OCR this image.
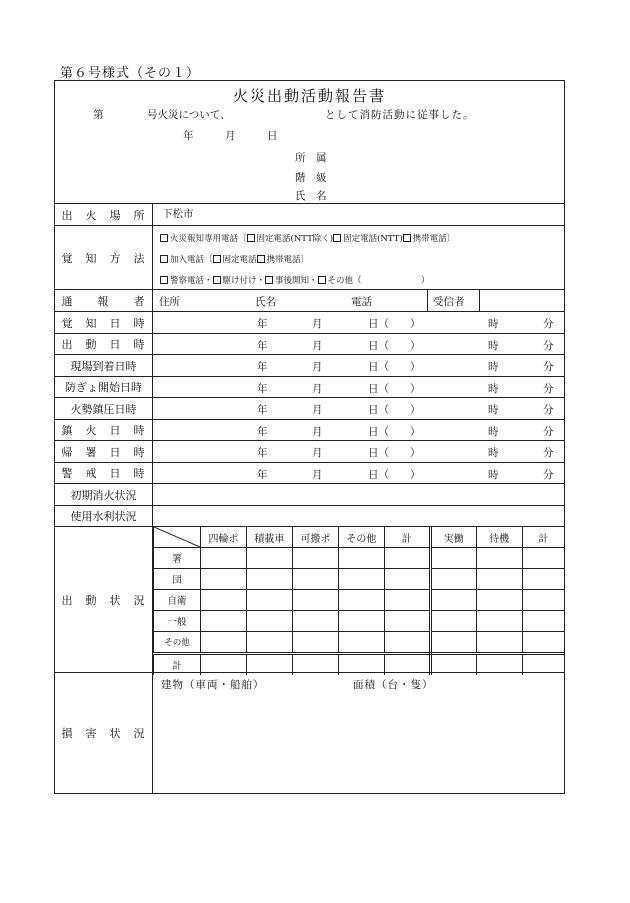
第６号様式（その１）
火災出動活動報告書
第	号火災について、	として消防活動に従事した。
年	月	日
所　属
階　級
氏　名
出　火　場　所	下松市
覚　知　方　法
火災報知専用電話〔 固定電話(NTT除く) 固定電話(NTT) 携帯電話〕
加入電話〔 固定電話 携帯電話〕
警察電話・ 駆け付け・ 事後開知・ その他（　　　　　　　）
通　　報　　者	住所	氏名	電話	受信者
覚　知　日　時	年	月	日（　　）	時	分
出　動　日　時	年	月	日（　　）	時	分
現場到着日時	年	月	日（　　）	時	分
防ぎょ開始日時	年	月	日（　　）	時	分
火勢鎮圧日時	年	月	日（　　）	時	分
鎮　火　日　時	年	月	日（　　）	時	分
帰　署　日　時	年	月	日（　　）	時	分
警　戒　日　時	年	月	日（　　）	時	分
初期消火状況
使用水利状況
出　動　状　況
	四輪ポ	積載車	可搬ポ	その他	計	実働	待機	計
署								
団								
自衛								
一般								
その他								
計								
損　害　状　況
建物（車両・船舶）	面積（台・隻）
